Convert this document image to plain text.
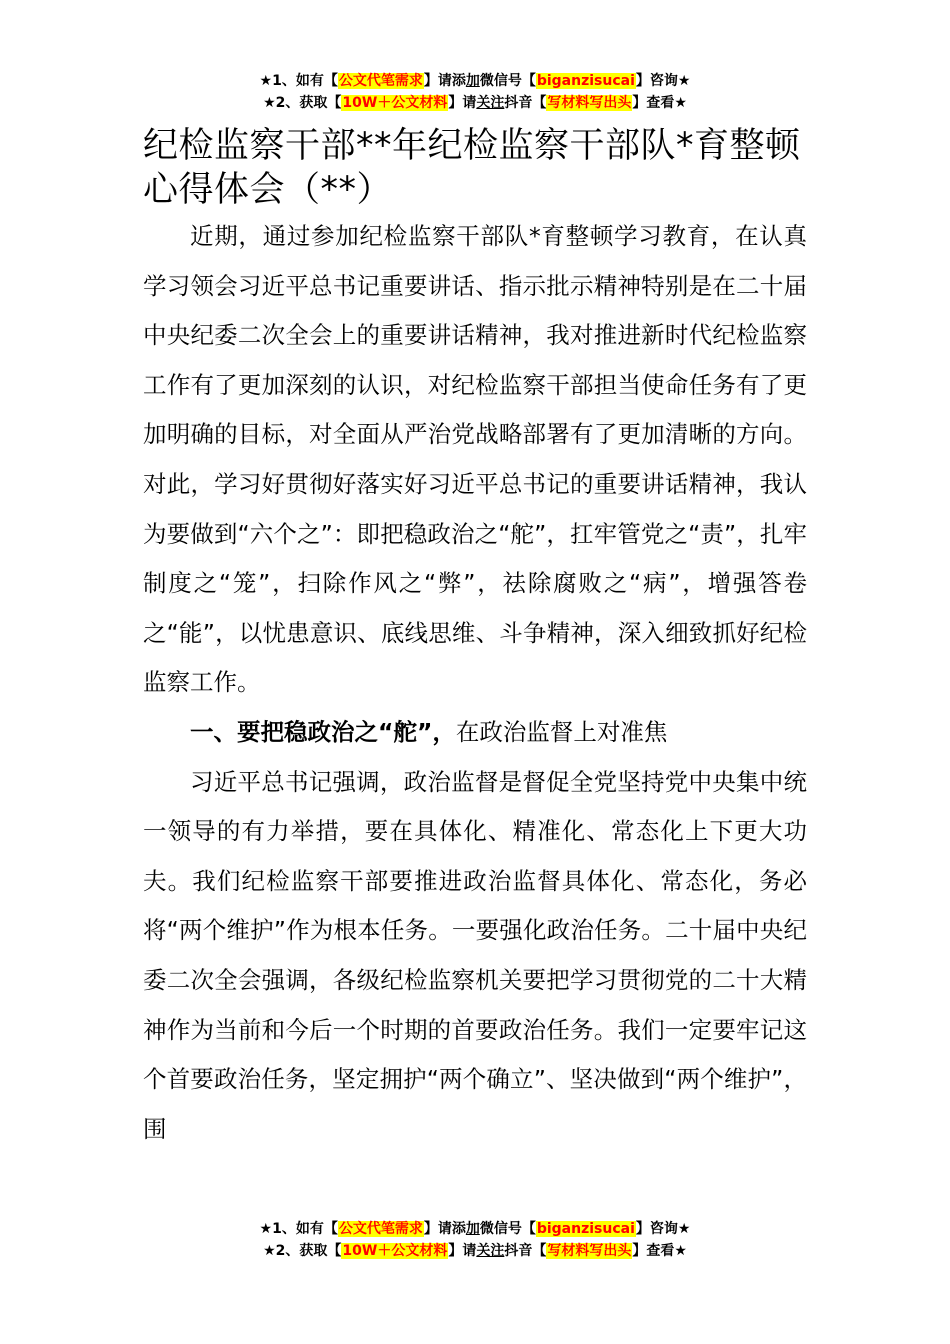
★1、如有【公文代笔需求】请添加微信号【biganzisucai】咨询★
★2、获取【10W＋公文材料】请关注抖音【写材料写出头】查看★
纪检监察干部**年纪检监察干部队*育整顿心得体会（**）

近期，通过参加纪检监察干部队*育整顿学习教育，在认真学习领会习近平总书记重要讲话、指示批示精神特别是在二十届中央纪委二次全会上的重要讲话精神，我对推进新时代纪检监察工作有了更加深刻的认识，对纪检监察干部担当使命任务有了更加明确的目标，对全面从严治党战略部署有了更加清晰的方向。对此，学习好贯彻好落实好习近平总书记的重要讲话精神，我认为要做到“六个之”：即把稳政治之“舵”，扛牢管党之“责”，扎牢制度之“笼”，扫除作风之“弊”，祛除腐败之“病”，增强答卷之“能”，以忧患意识、底线思维、斗争精神，深入细致抓好纪检监察工作。

一、要把稳政治之“舵”，在政治监督上对准焦

习近平总书记强调，政治监督是督促全党坚持党中央集中统一领导的有力举措，要在具体化、精准化、常态化上下更大功夫。我们纪检监察干部要推进政治监督具体化、常态化，务必将“两个维护”作为根本任务。一要强化政治任务。二十届中央纪委二次全会强调，各级纪检监察机关要把学习贯彻党的二十大精神作为当前和今后一个时期的首要政治任务。我们一定要牢记这个首要政治任务，坚定拥护“两个确立”、坚决做到“两个维护”，围

★1、如有【公文代笔需求】请添加微信号【biganzisucai】咨询★
★2、获取【10W＋公文材料】请关注抖音【写材料写出头】查看★
